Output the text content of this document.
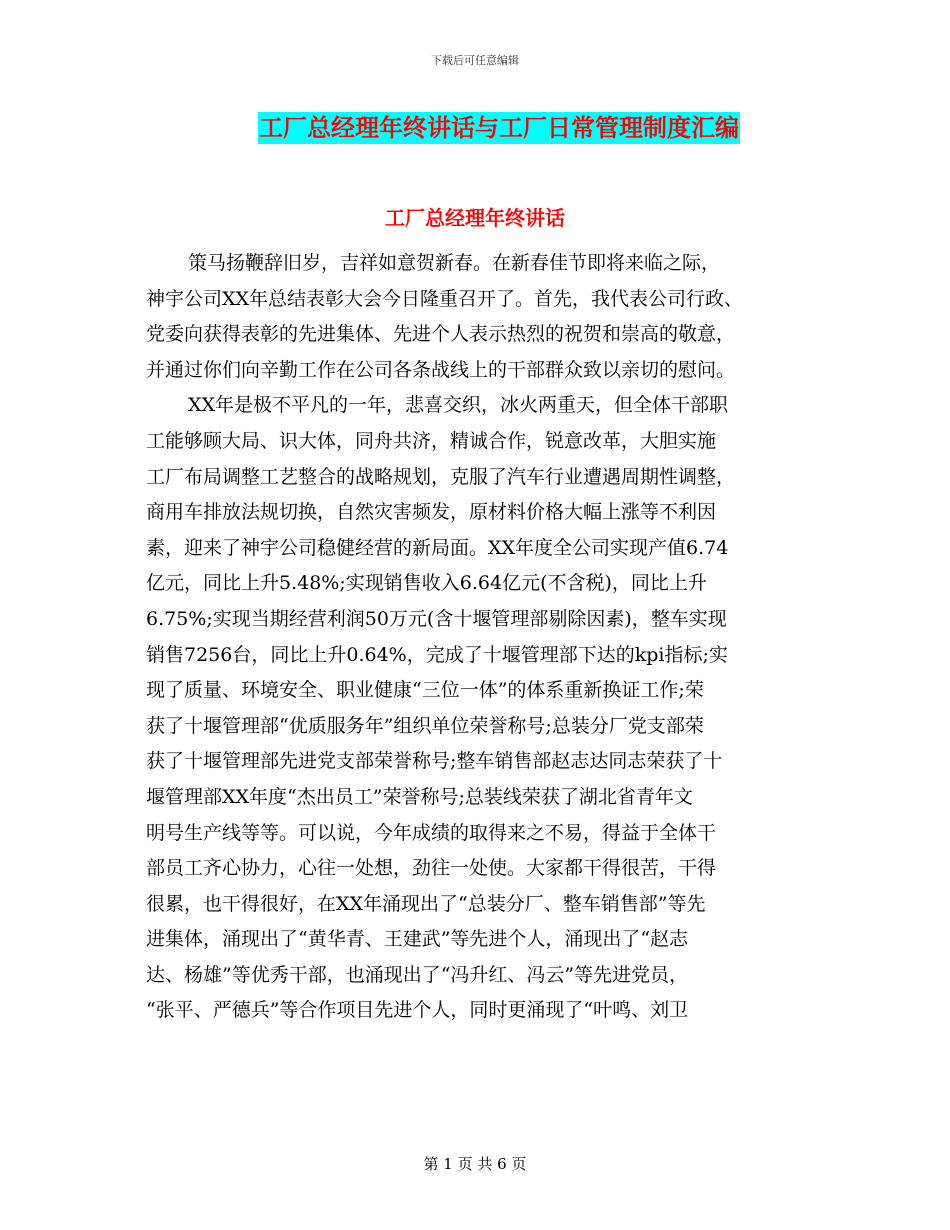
下载后可任意编辑
工厂总经理年终讲话与工厂日常管理制度汇编
工厂总经理年终讲话
策马扬鞭辞旧岁，吉祥如意贺新春。在新春佳节即将来临之际，
神宇公司XX年总结表彰大会今日隆重召开了。首先，我代表公司行政、
党委向获得表彰的先进集体、先进个人表示热烈的祝贺和崇高的敬意，
并通过你们向辛勤工作在公司各条战线上的干部群众致以亲切的慰问。
XX年是极不平凡的一年，悲喜交织，冰火两重天，但全体干部职
工能够顾大局、识大体，同舟共济，精诚合作，锐意改革，大胆实施
工厂布局调整工艺整合的战略规划，克服了汽车行业遭遇周期性调整，
商用车排放法规切换，自然灾害频发，原材料价格大幅上涨等不利因
素，迎来了神宇公司稳健经营的新局面。XX年度全公司实现产值6.74
亿元，同比上升5.48%;实现销售收入6.64亿元(不含税)，同比上升
6.75%;实现当期经营利润50万元(含十堰管理部剔除因素)，整车实现
销售7256台，同比上升0.64%，完成了十堰管理部下达的kpi指标;实
现了质量、环境安全、职业健康“三位一体”的体系重新换证工作;荣
获了十堰管理部“优质服务年”组织单位荣誉称号;总装分厂党支部荣
获了十堰管理部先进党支部荣誉称号;整车销售部赵志达同志荣获了十
堰管理部XX年度“杰出员工”荣誉称号;总装线荣获了湖北省青年文
明号生产线等等。可以说，今年成绩的取得来之不易，得益于全体干
部员工齐心协力，心往一处想，劲往一处使。大家都干得很苦，干得
很累，也干得很好，在XX年涌现出了“总装分厂、整车销售部”等先
进集体，涌现出了“黄华青、王建武”等先进个人，涌现出了“赵志
达、杨雄”等优秀干部，也涌现出了“冯升红、冯云”等先进党员，
“张平、严德兵”等合作项目先进个人，同时更涌现了“叶鸣、刘卫
第 1 页 共 6 页
